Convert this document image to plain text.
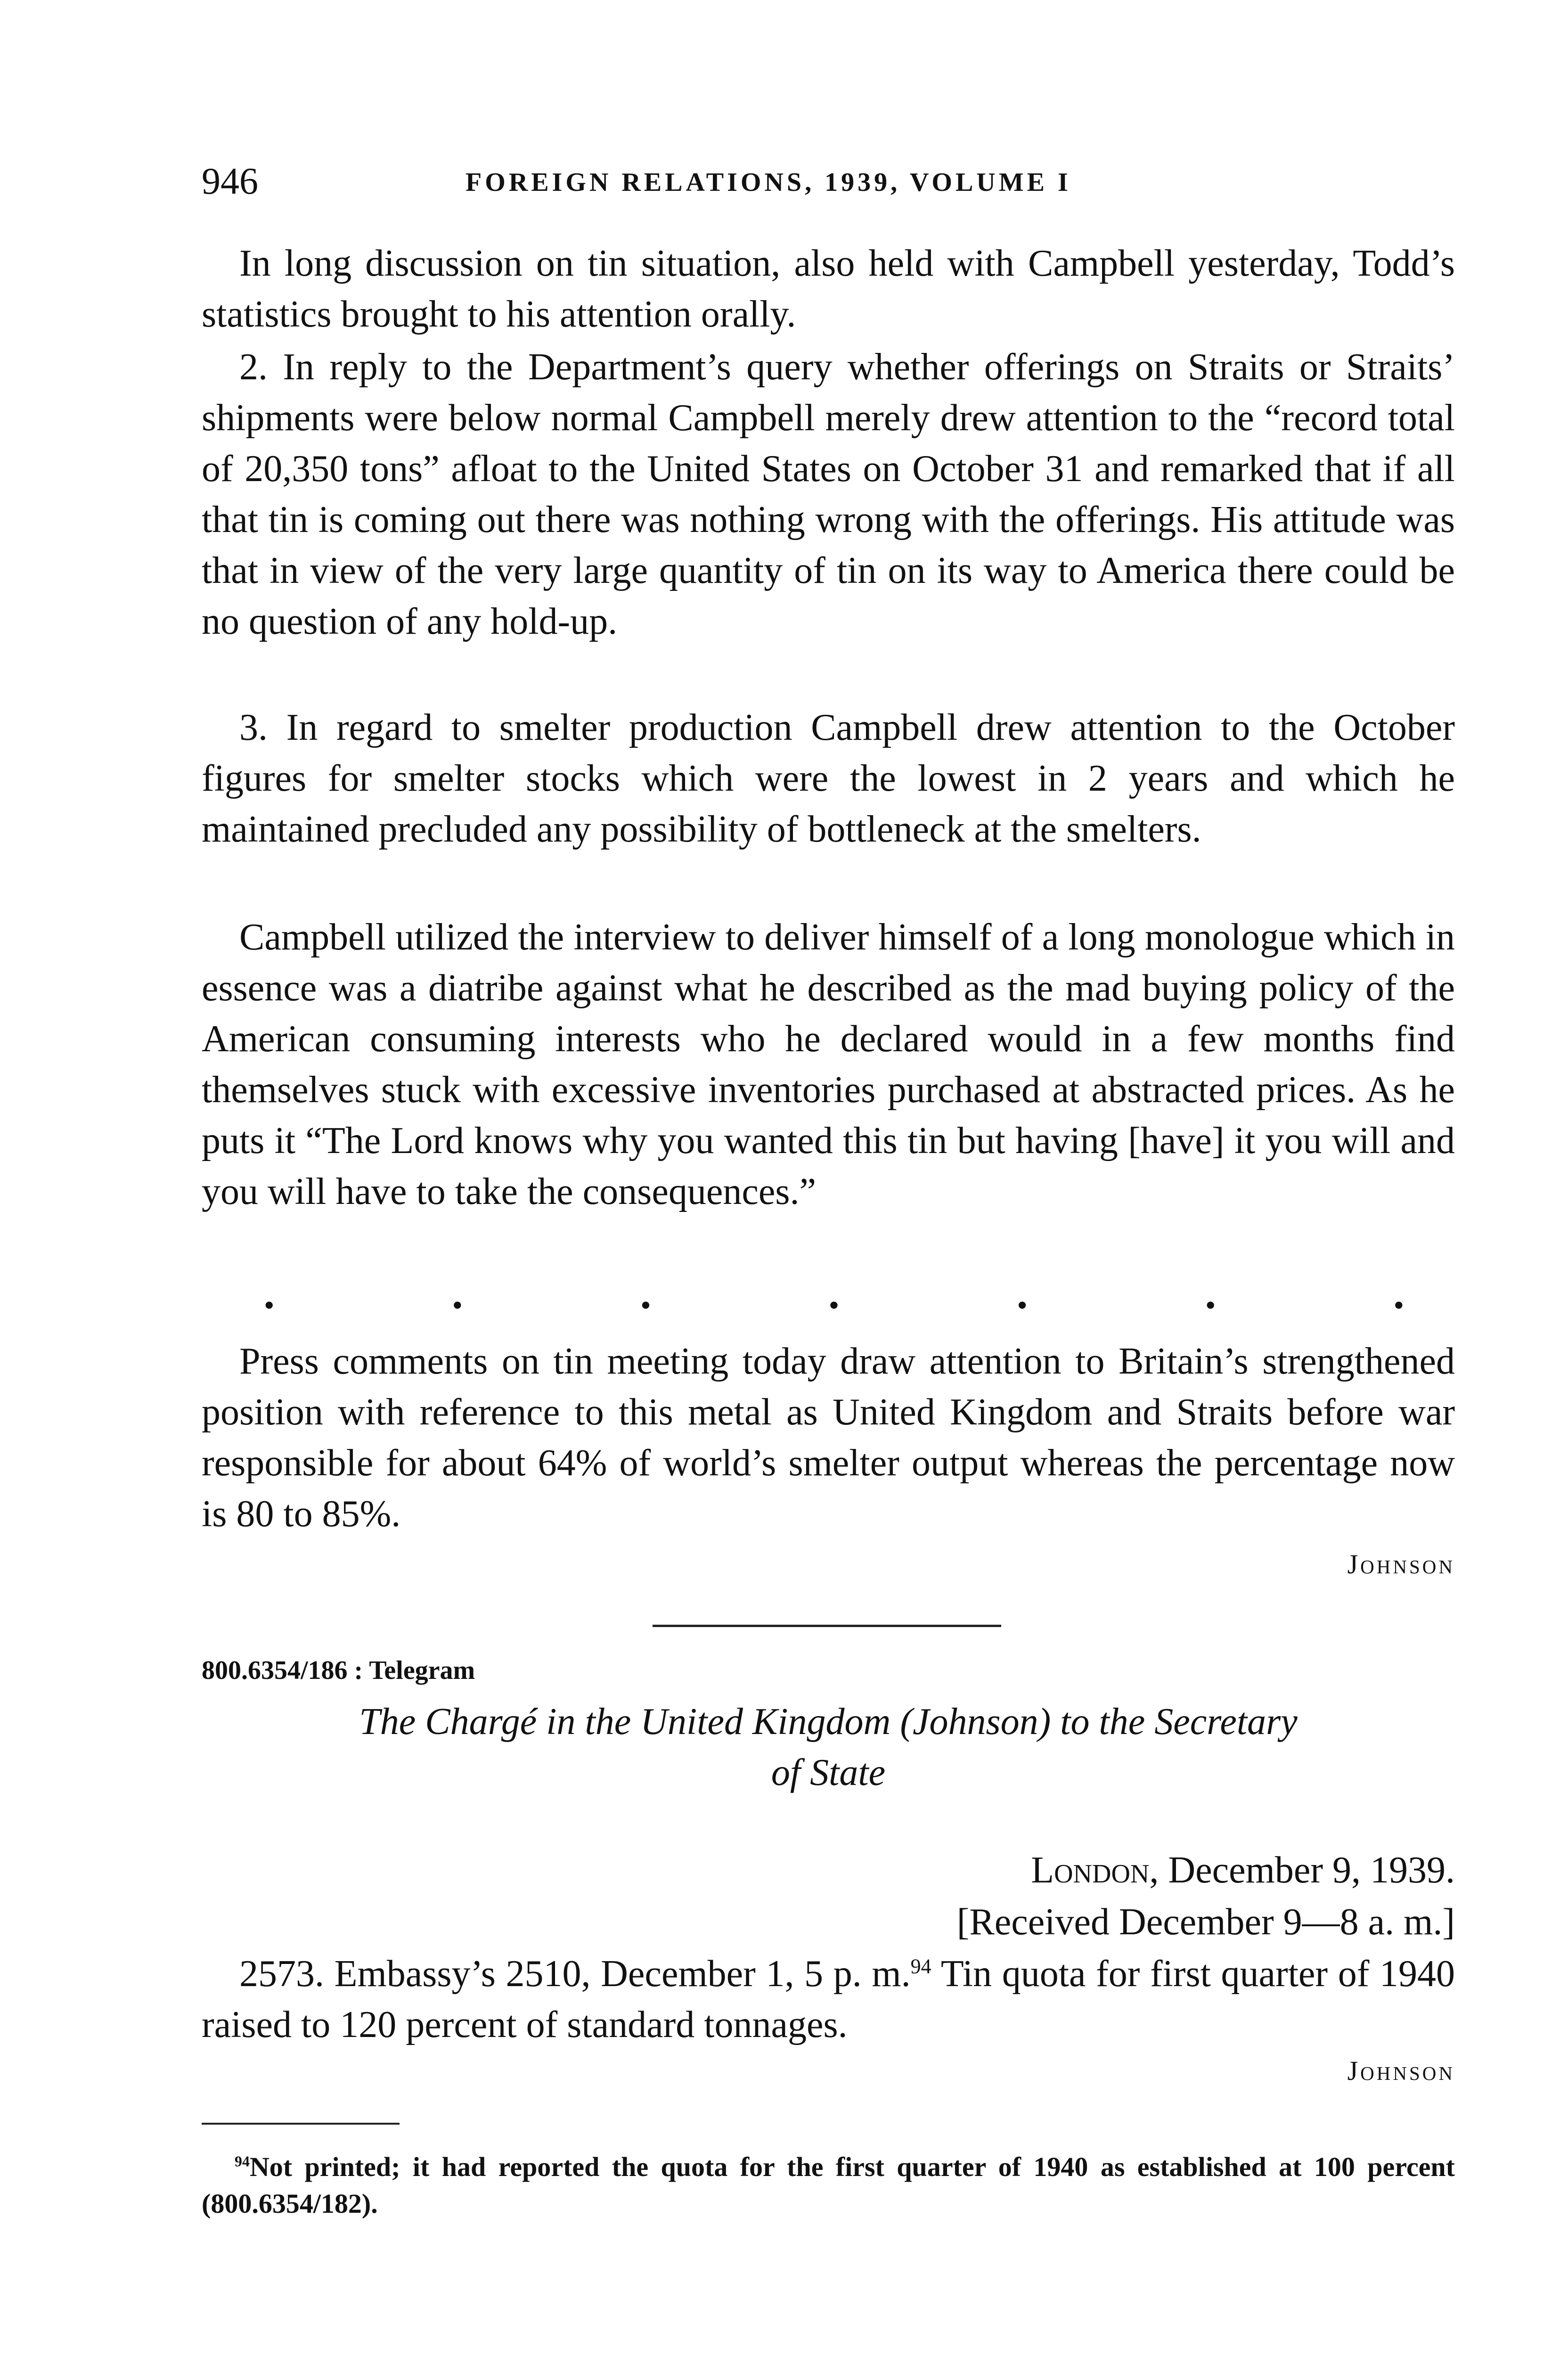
946	FOREIGN RELATIONS, 1939, VOLUME I

In long discussion on tin situation, also held with Campbell yesterday, Todd’s statistics brought to his attention orally.

2. In reply to the Department’s query whether offerings on Straits or Straits’ shipments were below normal Campbell merely drew attention to the “record total of 20,350 tons” afloat to the United States on October 31 and remarked that if all that tin is coming out there was nothing wrong with the offerings. His attitude was that in view of the very large quantity of tin on its way to America there could be no question of any hold-up.

3. In regard to smelter production Campbell drew attention to the October figures for smelter stocks which were the lowest in 2 years and which he maintained precluded any possibility of bottleneck at the smelters.

Campbell utilized the interview to deliver himself of a long monologue which in essence was a diatribe against what he described as the mad buying policy of the American consuming interests who he declared would in a few months find themselves stuck with excessive inventories purchased at abstracted prices. As he puts it “The Lord knows why you wanted this tin but having [have] it you will and you will have to take the consequences.”

•	•	•	•	•	•	•

Press comments on tin meeting today draw attention to Britain’s strengthened position with reference to this metal as United Kingdom and Straits before war responsible for about 64% of world’s smelter output whereas the percentage now is 80 to 85%.

Johnson
800.6354/186 : Telegram
The Chargé in the United Kingdom (Johnson) to the Secretary
of State
London, December 9, 1939.
[Received December 9—8 a. m.]

2573. Embassy’s 2510, December 1, 5 p. m.$^{94}$ Tin quota for first quarter of 1940 raised to 120 percent of standard tonnages.

Johnson
$^{94}$Not printed; it had reported the quota for the first quarter of 1940 as established at 100 percent (800.6354/182).
